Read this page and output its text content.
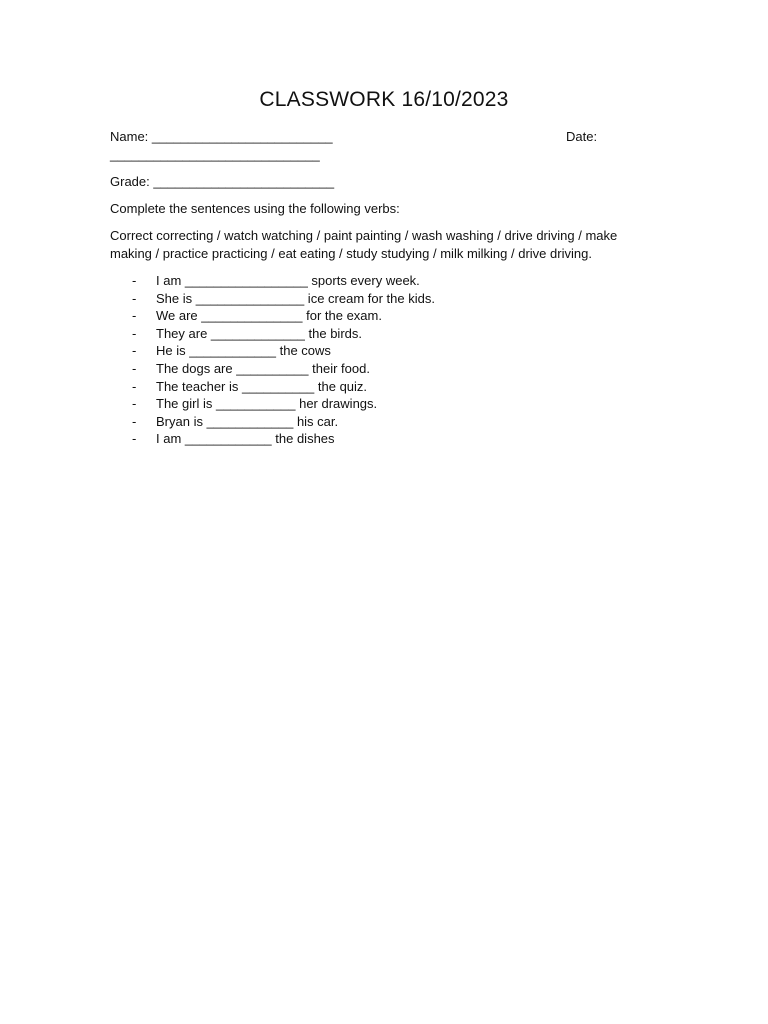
CLASSWORK 16/10/2023
Name: _________________________	Date:
_____________________________
Grade: _________________________
Complete the sentences using the following verbs:
Correct correcting / watch watching / paint painting / wash washing / drive driving / make making / practice practicing / eat eating / study studying / milk milking / drive driving.

-

I am _________________ sports every week.

-

She is _______________ ice cream for the kids.

-

We are ______________ for the exam.

-

They are _____________ the birds.

-

He is ____________ the cows

-

The dogs are __________ their food.

-

The teacher is __________ the quiz.

-

The girl is ___________ her drawings.

-

Bryan is ____________ his car.

-

I am ____________ the dishes
